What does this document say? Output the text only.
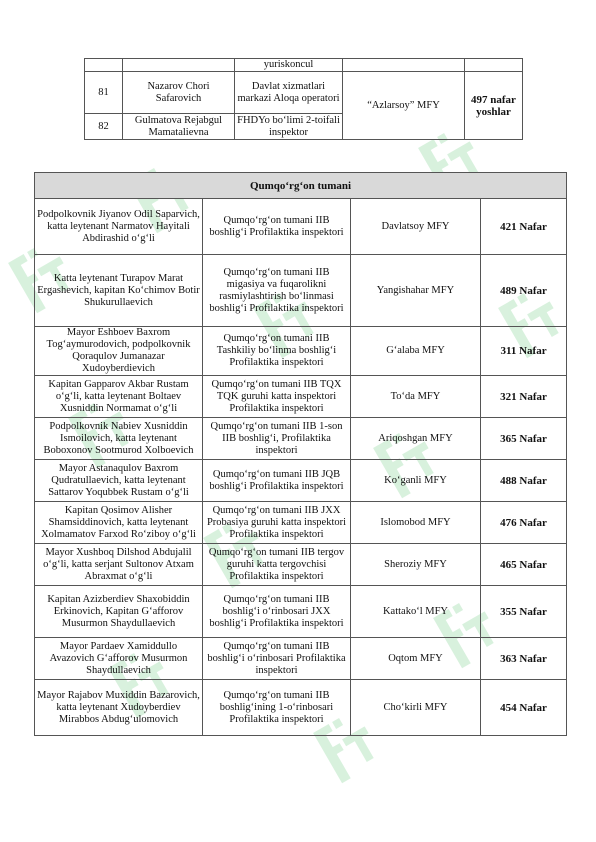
		yuriskoncul		
81	Nazarov Chori Safarovich	Davlat xizmatlari markazi Aloqa operatori	“Azlarsoy” MFY	497 nafar yoshlar
82	Gulmatova Rejabgul Mamatalievna	FHDYo bo‘limi 2-toifali inspektor		
Qumqo‘rg‘on tumani			
Podpolkovnik Jiyanov Odil Saparvich, katta leytenant Narmatov Hayitali Abdirashid o‘g‘li	Qumqo‘rg‘on tumani IIB boshlig‘i Profilaktika inspektori	Davlatsoy MFY	421 Nafar
Katta leytenant Turapov Marat Ergashevich, kapitan Ko‘chimov Botir Shukurullaevich	Qumqo‘rg‘on tumani IIB migasiya va fuqarolikni rasmiylashtirish bo‘linmasi boshlig‘i Profilaktika inspektori	Yangishahar MFY	489 Nafar
Mayor Eshboev Baxrom Tog‘aymurodovich, podpolkovnik Qoraqulov Jumanazar Xudoyberdievich	Qumqo‘rg‘on tumani IIB Tashkiliy bo‘linma boshlig‘i Profilaktika inspektori	G‘alaba MFY	311 Nafar
Kapitan Gapparov Akbar Rustam o‘g‘li, katta leytenant Boltaev Xusniddin Normamat o‘g‘li	Qumqo‘rg‘on tumani IIB TQX TQK guruhi katta inspektori Profilaktika inspektori	To‘da MFY	321 Nafar
Podpolkovnik Nabiev Xusniddin Ismoilovich, katta leytenant Boboxonov Sootmurod Xolboevich	Qumqo‘rg‘on tumani IIB 1-son IIB boshlig‘i, Profilaktika inspektori	Ariqoshgan MFY	365 Nafar
Mayor Astanaqulov Baxrom Qudratullaevich, katta leytenant Sattarov Yoqubbek Rustam o‘g‘li	Qumqo‘rg‘on tumani IIB JQB boshlig‘i Profilaktika inspektori	Ko‘ganli MFY	488 Nafar
Kapitan Qosimov Alisher Shamsiddinovich, katta leytenant Xolmamatov Farxod Ro‘ziboy o‘g‘li	Qumqo‘rg‘on tumani IIB JXX Probasiya guruhi katta inspektori Profilaktika inspektori	Islomobod MFY	476 Nafar
Mayor Xushboq Dilshod Abdujalil o‘g‘li, katta serjant Sultonov Atxam Abraxmat o‘g‘li	Qumqo‘rg‘on tumani IIB tergov guruhi katta tergovchisi Profilaktika inspektori	Sheroziy MFY	465 Nafar
Kapitan Azizberdiev Shaxobiddin Erkinovich, Kapitan G‘afforov Musurmon Shaydullaevich	Qumqo‘rg‘on tumani IIB boshlig‘i o‘rinbosari JXX boshlig‘i Profilaktika inspektori	Kattako‘l MFY	355 Nafar
Mayor Pardaev Xamiddullo Avazovich G‘afforov Musurmon Shaydullaevich	Qumqo‘rg‘on tumani IIB boshlig‘i o‘rinbosari Profilaktika inspektori	Oqtom MFY	363 Nafar
Mayor Rajabov Muxiddin Bazarovich, katta leytenant Xudoyberdiev Mirabbos Abdug‘ulomovich	Qumqo‘rg‘on tumani IIB boshlig‘ining 1-o‘rinbosari Profilaktika inspektori	Cho‘kirli MFY	454 Nafar
